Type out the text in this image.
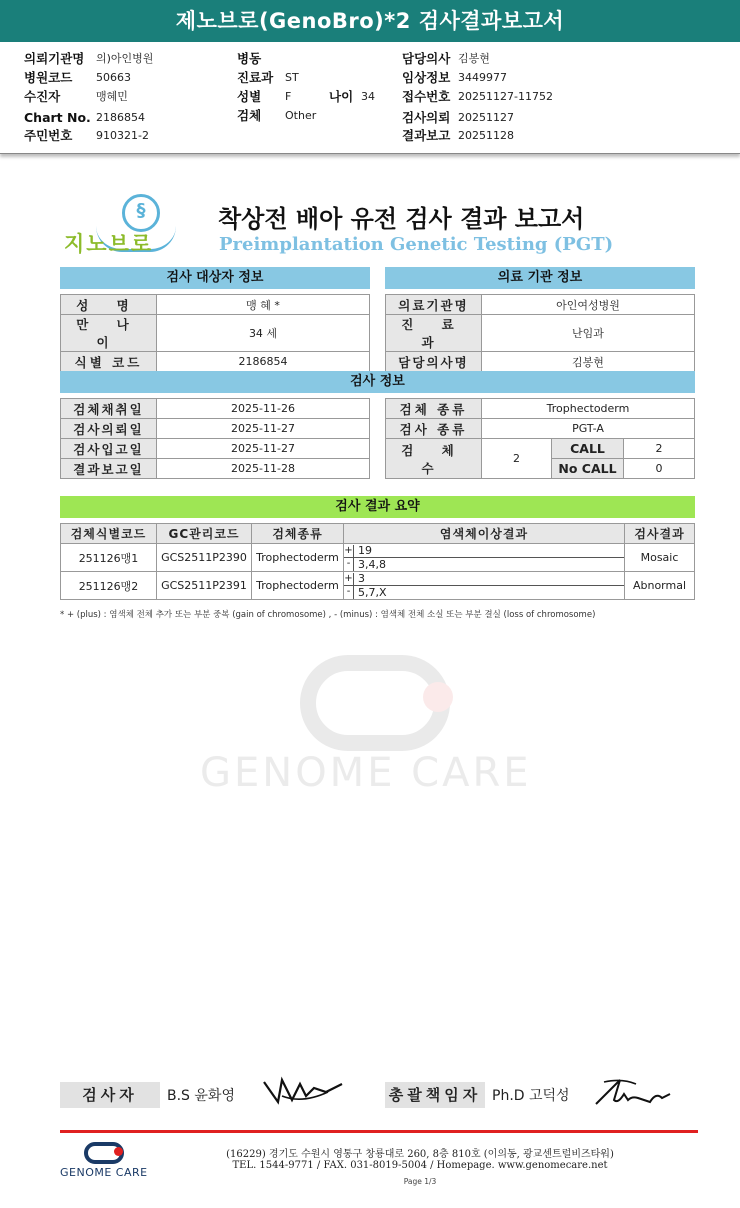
제노브로(GenoBro)*2 검사결과보고서
의뢰기관명	의)아인병원
병원코드	50663
수진자	맹혜민
Chart No. 2186854
주민번호	910321-2
병동
진료과	ST
성별	F	나이 34
검체	Other
담당의사 김봉현
임상정보 3449977
접수번호 20251127-11752
검사의뢰 20251127
결과보고 20251128
§
지노브로
착상전 배아 유전 검사 결과 보고서
Preimplantation Genetic Testing (PGT)
검사 대상자 정보
성 명	맹 혜 *
만 나 이	34 세
식별 코드	2186854
의료 기관 정보
의료기관명	아인여성병원
진 료 과	난임과
담당의사명	김봉현
검사 정보
검체채취일	2025-11-26
검사의뢰일	2025-11-27
검사입고일	2025-11-27
결과보고일	2025-11-28
검체 종류	Trophectoderm		
검사 종류	PGT-A		
검 체 수	2	CALL	2
		No CALL	0
검사 결과 요약
검체식별코드	GC관리코드	검체종류	염색체이상결과	검사결과
251126맹1	GCS2511P2390	Trophectoderm	+ 19
- 3,4,8	Mosaic
251126맹2	GCS2511P2391	Trophectoderm	+ 3
- 5,7,X	Abnormal
* + (plus) : 염색체 전체 추가 또는 부분 중복 (gain of chromosome) , - (minus) : 염색체 전체 소실 또는 부분 결실 (loss of chromosome)
GENOME CARE
검사자	B.S 윤화영	총괄책임자 Ph.D 고덕성
GENOME CARE
(16229) 경기도 수원시 영통구 창룡대로 260, 8층 810호 (이의동, 광교센트럴비즈타워)
TEL. 1544-9771 / FAX. 031-8019-5004 / Homepage. www.genomecare.net
Page 1/3
